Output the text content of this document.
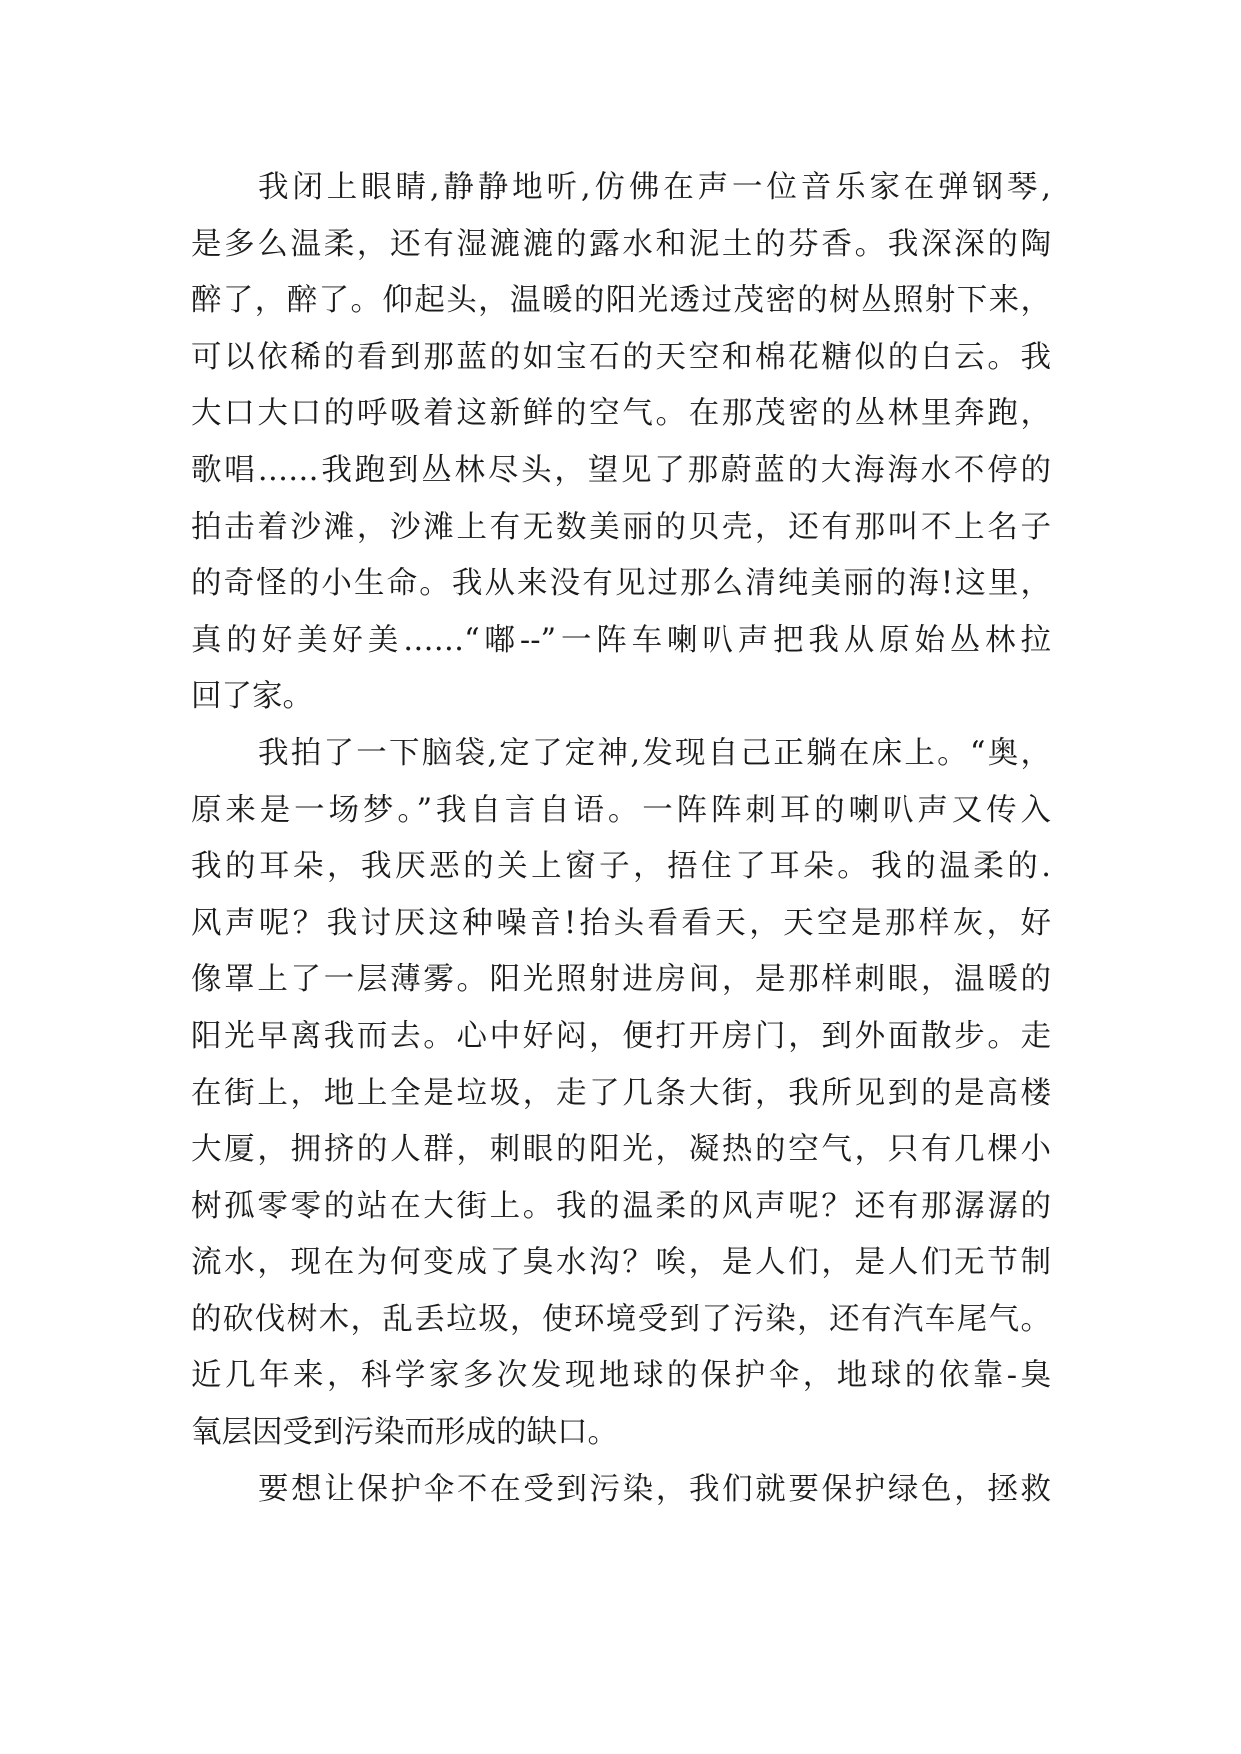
我闭上眼睛,静静地听,仿佛在声一位音乐家在弹钢琴,
是多么温柔，还有湿漉漉的露水和泥土的芬香。我深深的陶
醉了，醉了。仰起头，温暖的阳光透过茂密的树丛照射下来，
可以依稀的看到那蓝的如宝石的天空和棉花糖似的白云。我
大口大口的呼吸着这新鲜的空气。在那茂密的丛林里奔跑，
歌唱……我跑到丛林尽头，望见了那蔚蓝的大海海水不停的
拍击着沙滩，沙滩上有无数美丽的贝壳，还有那叫不上名子
的奇怪的小生命。我从来没有见过那么清纯美丽的海!这里，
真的好美好美……“嘟--”一阵车喇叭声把我从原始丛林拉
回了家。
我拍了一下脑袋,定了定神,发现自己正躺在床上。“奥，
原来是一场梦。”我自言自语。一阵阵刺耳的喇叭声又传入
我的耳朵，我厌恶的关上窗子，捂住了耳朵。我的温柔的.
风声呢？我讨厌这种噪音!抬头看看天，天空是那样灰，好
像罩上了一层薄雾。阳光照射进房间，是那样刺眼，温暖的
阳光早离我而去。心中好闷，便打开房门，到外面散步。走
在街上，地上全是垃圾，走了几条大街，我所见到的是高楼
大厦，拥挤的人群，刺眼的阳光，凝热的空气，只有几棵小
树孤零零的站在大街上。我的温柔的风声呢？还有那潺潺的
流水，现在为何变成了臭水沟？唉，是人们，是人们无节制
的砍伐树木，乱丢垃圾，使环境受到了污染，还有汽车尾气。
近几年来，科学家多次发现地球的保护伞，地球的依靠-臭
氧层因受到污染而形成的缺口。
要想让保护伞不在受到污染，我们就要保护绿色，拯救
